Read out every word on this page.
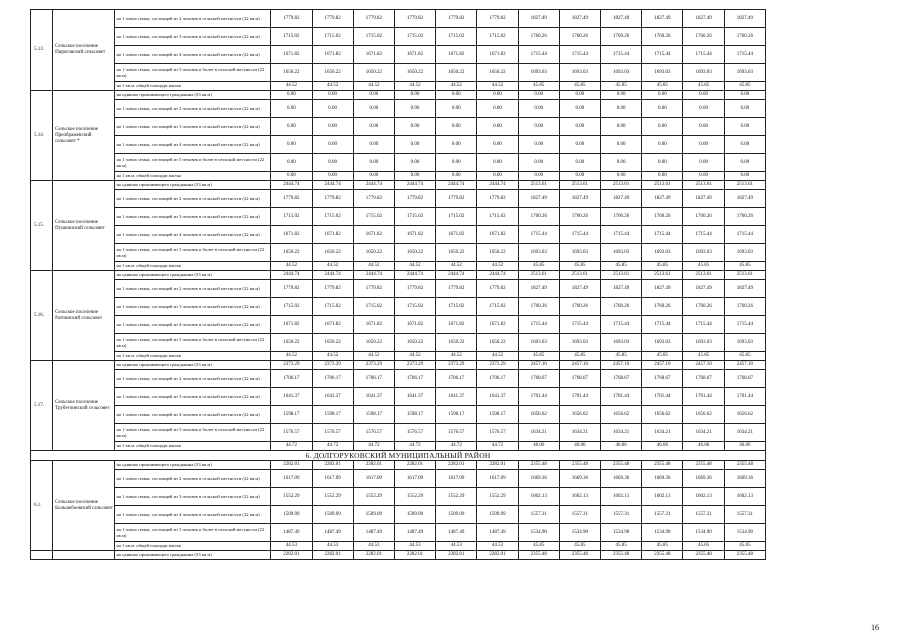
5.13.	Сельское поселение Пироговский сельсовет	на 1 члена семьи, состоящей из 2 человек в сельской местности (22 кв.м)	1779.82	1779.82	1779.82	1779.82	1779.82	1779.82	1827.49	1827.49	1827.49	1827.49	1827.49	1827.49
		на 1 члена семьи, состоящей из 3 человек в сельской местности (22 кв.м)	1715.02	1715.02	1715.02	1715.02	1715.02	1715.02	1760.26	1760.26	1760.26	1760.26	1760.26	1760.26
		на 1 члена семьи, состоящей из 4 человек в сельской местности (22 кв.м)	1671.82	1671.82	1671.82	1671.82	1671.82	1671.82	1715.44	1715.44	1715.44	1715.44	1715.44	1715.44
		на 1 члена семьи, состоящей из 5 человек и более в сельской местности (22 кв.м)	1650.22	1650.22	1650.22	1650.22	1650.22	1650.22	1693.03	1693.03	1693.03	1693.03	1693.03	1693.03
		на 1 кв.м. общей площади жилья	44.52	44.52	44.52	44.52	44.52	44.52	45.85	45.85	45.85	45.85	45.85	45.85
5.14.	Сельское поселение Преображенский сельсовет *	на одиноко проживающего гражданина (33 кв.м)	0.00	0.00	0.00	0.00	0.00	0.00	0.00	0.00	0.00	0.00	0.00	0.00
		на 1 члена семьи, состоящей из 2 человек в сельской местности (22 кв.м)	0.00	0.00	0.00	0.00	0.00	0.00	0.00	0.00	0.00	0.00	0.00	0.00
		на 1 члена семьи, состоящей из 3 человек в сельской местности (22 кв.м)	0.00	0.00	0.00	0.00	0.00	0.00	0.00	0.00	0.00	0.00	0.00	0.00
		на 1 члена семьи, состоящей из 4 человек в сельской местности (22 кв.м)	0.00	0.00	0.00	0.00	0.00	0.00	0.00	0.00	0.00	0.00	0.00	0.00
		на 1 члена семьи, состоящей из 5 человек и более в сельской местности (22 кв.м)	0.00	0.00	0.00	0.00	0.00	0.00	0.00	0.00	0.00	0.00	0.00	0.00
		на 1 кв.м. общей площади жилья	0.00	0.00	0.00	0.00	0.00	0.00	0.00	0.00	0.00	0.00	0.00	0.00
5.15.	Сельское поселение Пушкинский сельсовет	на одиноко проживающего гражданина (33 кв.м)	2444.74	2444.74	2444.74	2444.74	2444.74	2444.74	2513.61	2513.61	2513.61	2513.61	2513.61	2513.61
		на 1 члена семьи, состоящей из 2 человек в сельской местности (22 кв.м)	1779.82	1779.82	1779.82	1779.82	1779.82	1779.82	1827.49	1827.49	1827.49	1827.49	1827.49	1827.49
		на 1 члена семьи, состоящей из 3 человек в сельской местности (22 кв.м)	1715.02	1715.02	1715.02	1715.02	1715.02	1715.02	1760.26	1760.26	1760.26	1760.26	1760.26	1760.26
		на 1 члена семьи, состоящей из 4 человек в сельской местности (22 кв.м)	1671.82	1671.82	1671.82	1671.82	1671.82	1671.82	1715.44	1715.44	1715.44	1715.44	1715.44	1715.44
		на 1 члена семьи, состоящей из 5 человек и более в сельской местности (22 кв.м)	1650.22	1650.22	1650.22	1650.22	1650.22	1650.22	1693.03	1693.03	1693.03	1693.03	1693.03	1693.03
		на 1 кв.м. общей площади жилья	44.52	44.52	44.52	44.52	44.52	44.52	45.85	45.85	45.85	45.85	45.85	45.85
5.16.	Сельское поселение Ратчинский сельсовет	на одиноко проживающего гражданина (33 кв.м)	2444.74	2444.74	2444.74	2444.74	2444.74	2444.74	2513.61	2513.61	2513.61	2513.61	2513.61	2513.61
		на 1 члена семьи, состоящей из 2 человек в сельской местности (22 кв.м)	1779.82	1779.82	1779.82	1779.82	1779.82	1779.82	1827.49	1827.49	1827.49	1827.49	1827.49	1827.49
		на 1 члена семьи, состоящей из 3 человек в сельской местности (22 кв.м)	1715.02	1715.02	1715.02	1715.02	1715.02	1715.02	1760.26	1760.26	1760.26	1760.26	1760.26	1760.26
		на 1 члена семьи, состоящей из 4 человек в сельской местности (22 кв.м)	1671.82	1671.82	1671.82	1671.82	1671.82	1671.82	1715.44	1715.44	1715.44	1715.44	1715.44	1715.44
		на 1 члена семьи, состоящей из 5 человек и более в сельской местности (22 кв.м)	1650.22	1650.22	1650.22	1650.22	1650.22	1650.22	1693.03	1693.03	1693.03	1693.03	1693.03	1693.03
		на 1 кв.м. общей площади жилья	44.52	44.52	44.52	44.52	44.52	44.52	45.85	45.85	45.85	45.85	45.85	45.85
5.17.	Сельское поселение Трубетчинский сельсовет	на одиноко проживающего гражданина (33 кв.м)	2373.29	2373.29	2373.29	2373.29	2373.29	2373.29	2457.10	2457.10	2457.10	2457.10	2457.10	2457.10
		на 1 члена семьи, состоящей из 2 человек в сельской местности (22 кв.м)	1706.17	1706.17	1706.17	1706.17	1706.17	1706.17	1768.67	1768.67	1768.67	1768.67	1768.67	1768.67
		на 1 члена семьи, состоящей из 3 человек в сельской местности (22 кв.м)	1641.37	1641.37	1641.37	1641.37	1641.37	1641.37	1701.44	1701.44	1701.44	1701.44	1701.44	1701.44
		на 1 члена семьи, состоящей из 4 человек в сельской местности (22 кв.м)	1598.17	1598.17	1598.17	1598.17	1598.17	1598.17	1656.62	1656.62	1656.62	1656.62	1656.62	1656.62
		на 1 члена семьи, состоящей из 5 человек и более в сельской местности (22 кв.м)	1576.57	1576.57	1576.57	1576.57	1576.57	1576.57	1634.21	1634.21	1634.21	1634.21	1634.21	1634.21
		на 1 кв.м. общей площади жилья	44.72	44.72	44.72	44.72	44.72	44.72	46.06	46.06	46.06	46.06	46.06	46.06
6. ДОЛГОРУКОВСКИЙ МУНИЦИПАЛЬНЫЙ РАЙОН														
6.1.	Сельское поселение Большебоевский сельсовет	на одиноко проживающего гражданина (33 кв.м)	2282.01	2282.01	2282.01	2282.01	2282.01	2282.01	2355.48	2355.48	2355.48	2355.48	2355.48	2355.48
		на 1 члена семьи, состоящей из 2 человек в сельской местности (22 кв.м)	1617.09	1617.09	1617.09	1617.09	1617.09	1617.09	1669.36	1669.36	1669.36	1669.36	1669.36	1669.36
		на 1 члена семьи, состоящей из 3 человек в сельской местности (22 кв.м)	1552.29	1552.29	1552.29	1552.29	1552.29	1552.29	1602.13	1602.13	1602.13	1602.13	1602.13	1602.13
		на 1 члена семьи, состоящей из 4 человек в сельской местности (22 кв.м)	1509.09	1509.09	1509.09	1509.09	1509.09	1509.09	1557.31	1557.31	1557.31	1557.31	1557.31	1557.31
		на 1 члена семьи, состоящей из 5 человек и более в сельской местности (22 кв.м)	1487.49	1487.49	1487.49	1487.49	1487.49	1487.49	1534.90	1534.90	1534.90	1534.90	1534.90	1534.90
		на 1 кв.м. общей площади жилья	44.53	44.53	44.53	44.53	44.53	44.53	45.85	45.85	45.85	45.85	45.85	45.85
		на одиноко проживающего гражданина (33 кв.м)	2282.01	2282.01	2282.01	2282.01	2282.01	2282.01	2355.48	2355.48	2355.48	2355.48	2355.48	2355.48
16
